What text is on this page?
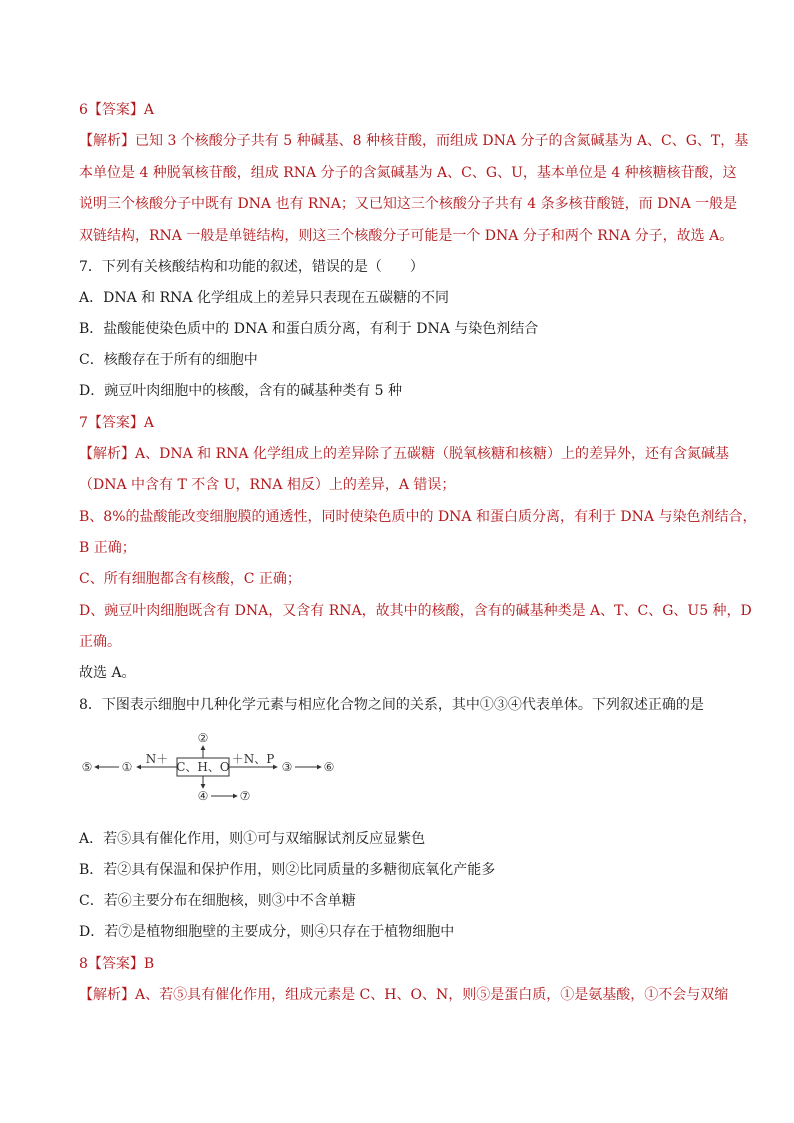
6【答案】A
【解析】已知 3 个核酸分子共有 5 种碱基、8 种核苷酸，而组成 DNA 分子的含氮碱基为 A、C、G、T，基
本单位是 4 种脱氧核苷酸，组成 RNA 分子的含氮碱基为 A、C、G、U，基本单位是 4 种核糖核苷酸，这
说明三个核酸分子中既有 DNA 也有 RNA；又已知这三个核酸分子共有 4 条多核苷酸链，而 DNA 一般是
双链结构，RNA 一般是单链结构，则这三个核酸分子可能是一个 DNA 分子和两个 RNA 分子，故选 A。
7．下列有关核酸结构和功能的叙述，错误的是（　　）
A．DNA 和 RNA 化学组成上的差异只表现在五碳糖的不同
B．盐酸能使染色质中的 DNA 和蛋白质分离，有利于 DNA 与染色剂结合
C．核酸存在于所有的细胞中
D．豌豆叶肉细胞中的核酸，含有的碱基种类有 5 种
7【答案】A
【解析】A、DNA 和 RNA 化学组成上的差异除了五碳糖（脱氧核糖和核糖）上的差异外，还有含氮碱基
（DNA 中含有 T 不含 U，RNA 相反）上的差异，A 错误；
B、8%的盐酸能改变细胞膜的通透性，同时使染色质中的 DNA 和蛋白质分离，有利于 DNA 与染色剂结合，
B 正确；
C、所有细胞都含有核酸，C 正确；
D、豌豆叶肉细胞既含有 DNA，又含有 RNA，故其中的核酸，含有的碱基种类是 A、T、C、G、U5 种，D
正确。
故选 A。
8．下图表示细胞中几种化学元素与相应化合物之间的关系，其中①③④代表单体。下列叙述正确的是
C、H、O
②
N＋
①
⑤
＋N、P
③	⑥
④	⑦
A．若⑤具有催化作用，则①可与双缩脲试剂反应显紫色
B．若②具有保温和保护作用，则②比同质量的多糖彻底氧化产能多
C．若⑥主要分布在细胞核，则③中不含单糖
D．若⑦是植物细胞壁的主要成分，则④只存在于植物细胞中
8【答案】B
【解析】A、若⑤具有催化作用，组成元素是 C、H、O、N，则⑤是蛋白质，①是氨基酸，①不会与双缩
